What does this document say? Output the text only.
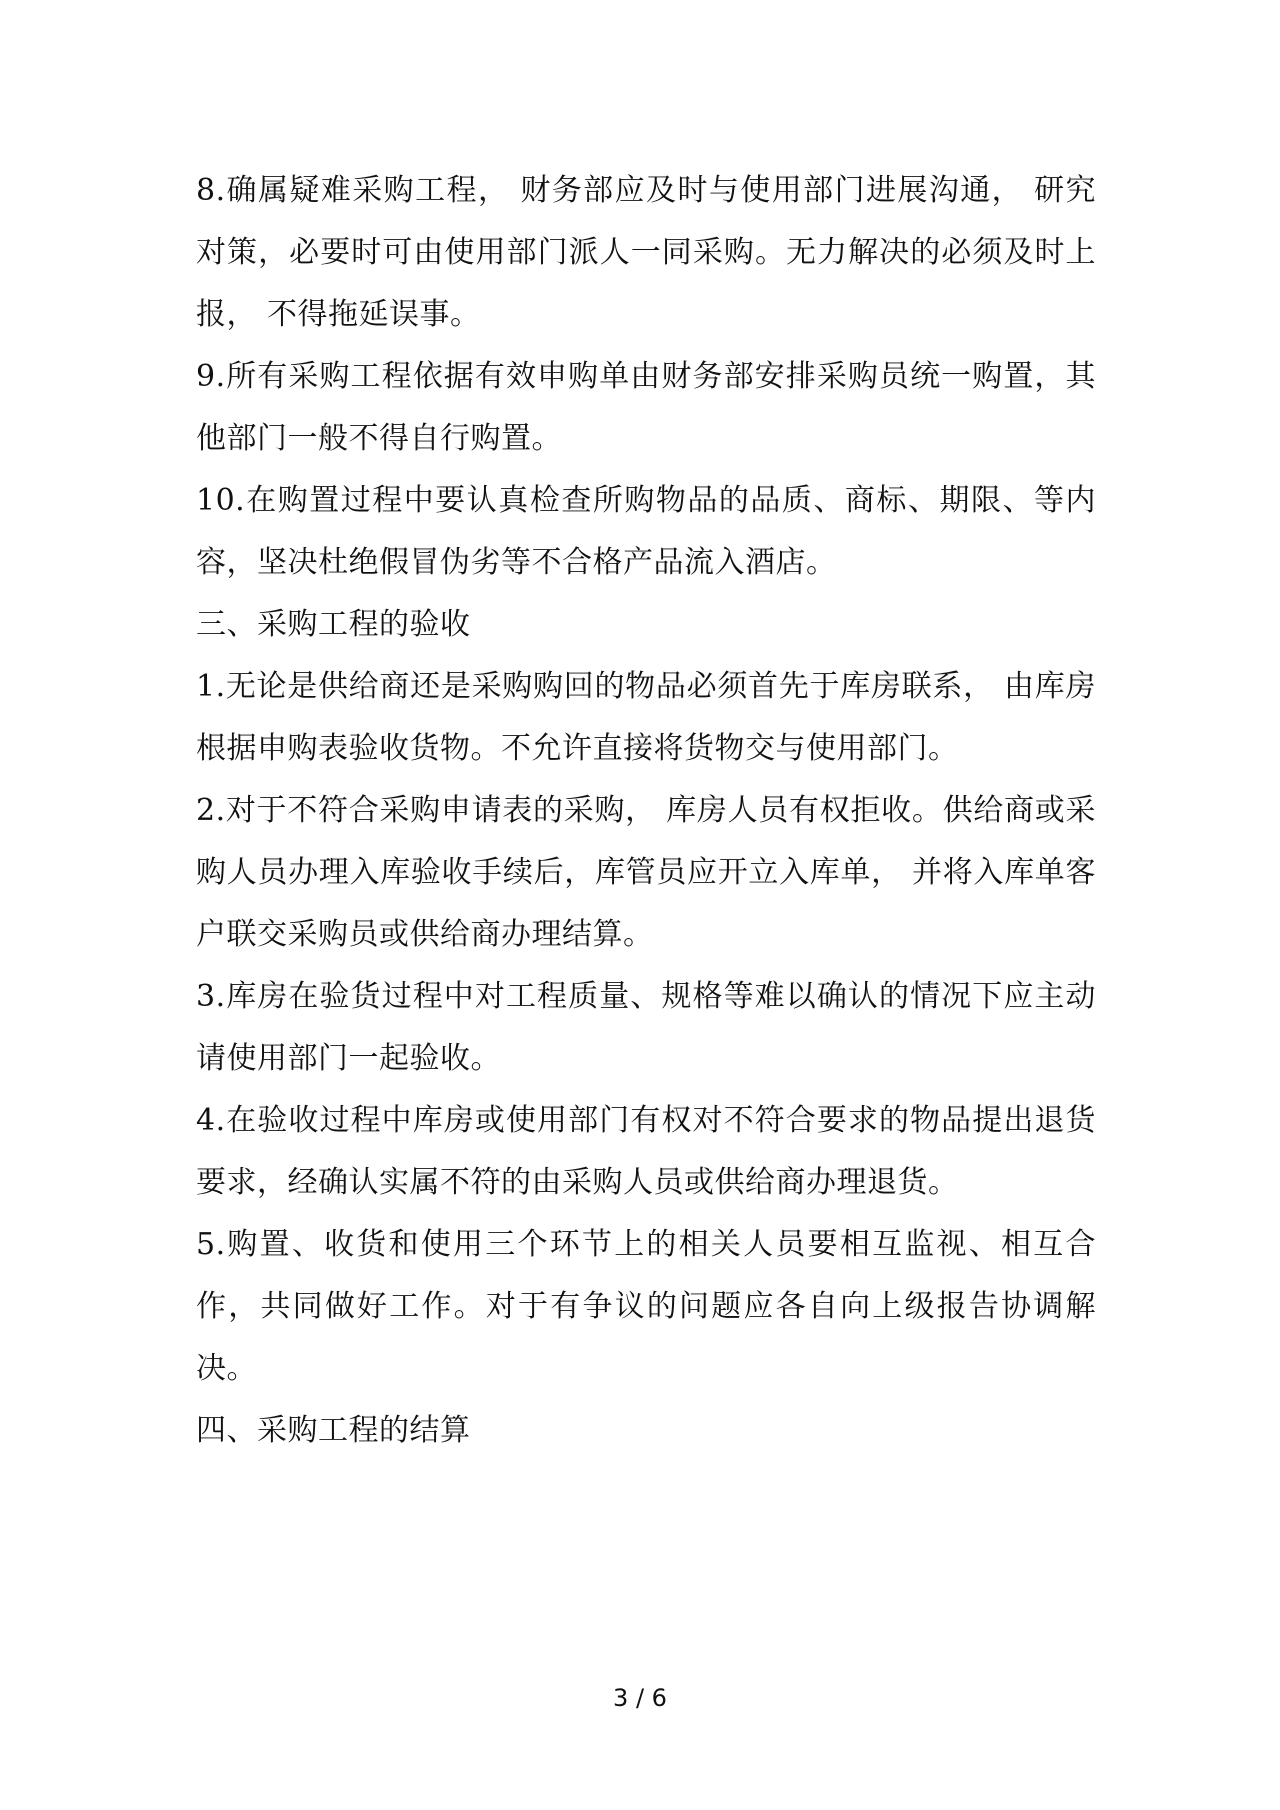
8.确属疑难采购工程， 财务部应及时与使用部门进展沟通， 研究对策，必要时可由使用部门派人一同采购。无力解决的必须及时上报， 不得拖延误事。

9.所有采购工程依据有效申购单由财务部安排采购员统一购置，其他部门一般不得自行购置。

10.在购置过程中要认真检查所购物品的品质、商标、期限、等内容，坚决杜绝假冒伪劣等不合格产品流入酒店。

三、采购工程的验收

1.无论是供给商还是采购购回的物品必须首先于库房联系， 由库房根据申购表验收货物。不允许直接将货物交与使用部门。

2.对于不符合采购申请表的采购， 库房人员有权拒收。供给商或采购人员办理入库验收手续后，库管员应开立入库单， 并将入库单客户联交采购员或供给商办理结算。

3.库房在验货过程中对工程质量、规格等难以确认的情况下应主动请使用部门一起验收。

4.在验收过程中库房或使用部门有权对不符合要求的物品提出退货要求，经确认实属不符的由采购人员或供给商办理退货。

5.购置、收货和使用三个环节上的相关人员要相互监视、相互合作，共同做好工作。对于有争议的问题应各自向上级报告协调解决。

四、采购工程的结算

3 / 6
